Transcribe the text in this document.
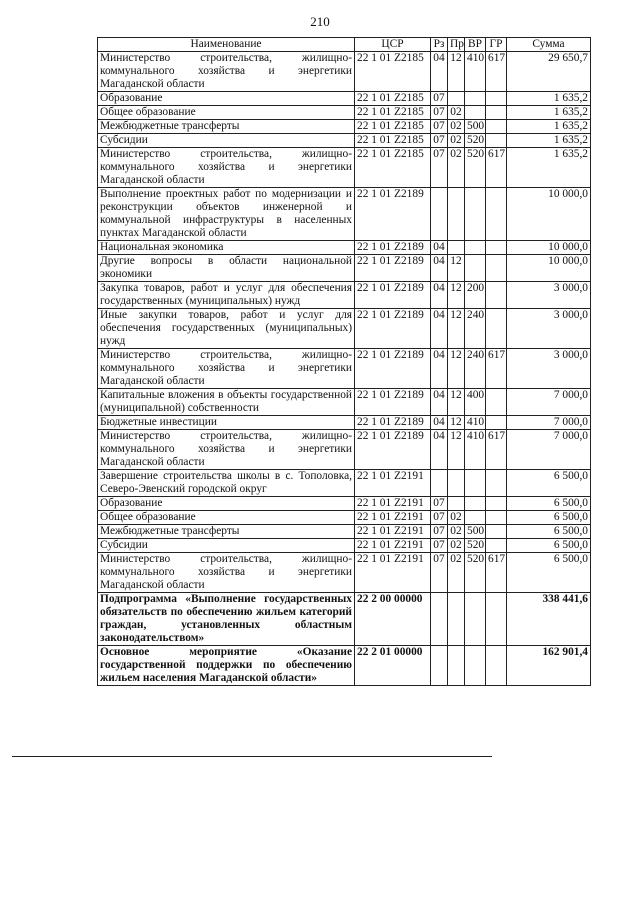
210
Наименование	ЦСР	Рз	Пр	ВР	ГР	Сумма
Министерство строительства, жилищно-коммунального хозяйства и энергетики Магаданской области	22 1 01 Z2185	04	12	410	617	29 650,7
Образование	22 1 01 Z2185	07				1 635,2
Общее образование	22 1 01 Z2185	07	02			1 635,2
Межбюджетные трансферты	22 1 01 Z2185	07	02	500		1 635,2
Субсидии	22 1 01 Z2185	07	02	520		1 635,2
Министерство строительства, жилищно-коммунального хозяйства и энергетики Магаданской области	22 1 01 Z2185	07	02	520	617	1 635,2
Выполнение проектных работ по модернизации и реконструкции объектов инженерной и коммунальной инфраструктуры в населенных пунктах Магаданской области	22 1 01 Z2189					10 000,0
Национальная экономика	22 1 01 Z2189	04				10 000,0
Другие вопросы в области национальной экономики	22 1 01 Z2189	04	12			10 000,0
Закупка товаров, работ и услуг для обеспечения государственных (муниципальных) нужд	22 1 01 Z2189	04	12	200		3 000,0
Иные закупки товаров, работ и услуг для обеспечения государственных (муниципальных) нужд	22 1 01 Z2189	04	12	240		3 000,0
Министерство строительства, жилищно-коммунального хозяйства и энергетики Магаданской области	22 1 01 Z2189	04	12	240	617	3 000,0
Капитальные вложения в объекты государственной (муниципальной) собственности	22 1 01 Z2189	04	12	400		7 000,0
Бюджетные инвестиции	22 1 01 Z2189	04	12	410		7 000,0
Министерство строительства, жилищно-коммунального хозяйства и энергетики Магаданской области	22 1 01 Z2189	04	12	410	617	7 000,0
Завершение строительства школы в с. Тополовка, Северо-Эвенский городской округ	22 1 01 Z2191					6 500,0
Образование	22 1 01 Z2191	07				6 500,0
Общее образование	22 1 01 Z2191	07	02			6 500,0
Межбюджетные трансферты	22 1 01 Z2191	07	02	500		6 500,0
Субсидии	22 1 01 Z2191	07	02	520		6 500,0
Министерство строительства, жилищно-коммунального хозяйства и энергетики Магаданской области	22 1 01 Z2191	07	02	520	617	6 500,0
Подпрограмма «Выполнение государственных обязательств по обеспечению жильем категорий граждан, установленных областным законодательством»	22 2 00 00000					338 441,6
Основное мероприятие «Оказание государственной поддержки по обеспечению жильем населения Магаданской области»	22 2 01 00000					162 901,4
